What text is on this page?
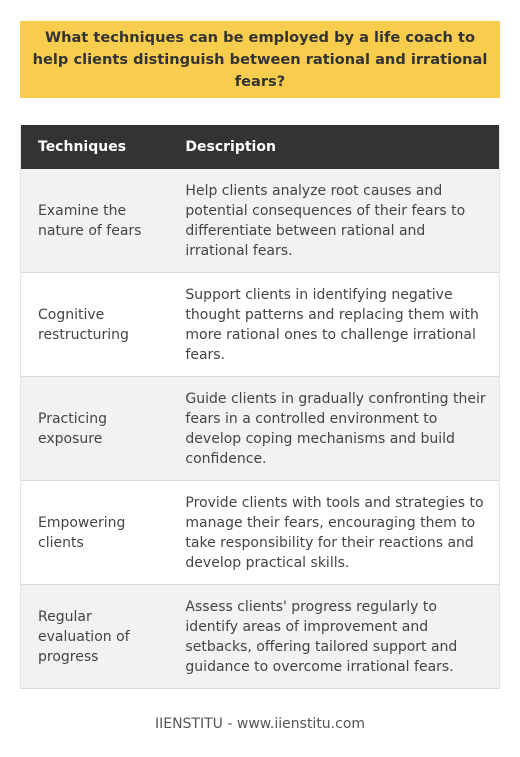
What techniques can be employed by a life coach to help clients distinguish between rational and irrational fears?
Techniques	Description
Examine the nature of fears
Help clients analyze root causes and potential consequences of their fears to differentiate between rational and irrational fears.
Cognitive restructuring
Support clients in identifying negative thought patterns and replacing them with more rational ones to challenge irrational fears.
Practicing exposure
Guide clients in gradually confronting their fears in a controlled environment to develop coping mechanisms and build confidence.
Empowering clients
Provide clients with tools and strategies to manage their fears, encouraging them to take responsibility for their reactions and develop practical skills.
Regular evaluation of progress
Assess clients' progress regularly to identify areas of improvement and setbacks, offering tailored support and guidance to overcome irrational fears.
IIENSTITU - www.iienstitu.com
